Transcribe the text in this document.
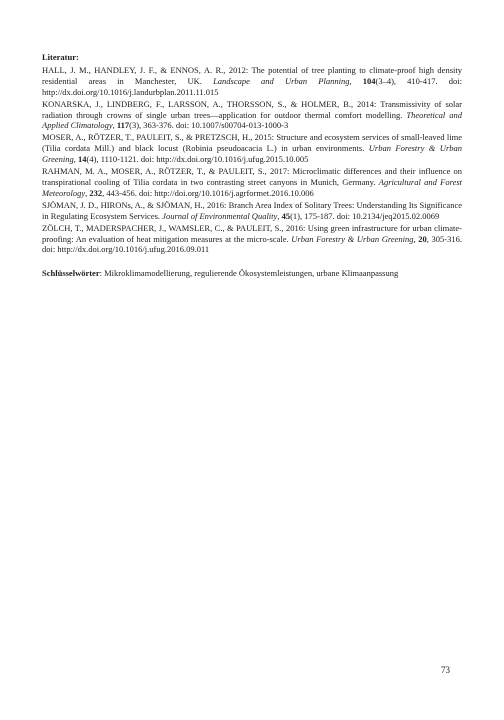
Literatur:
HALL, J. M., HANDLEY, J. F., & ENNOS, A. R., 2012: The potential of tree planting to climate-proof high density residential areas in Manchester, UK. Landscape and Urban Planning, 104(3–4), 410-417. doi: http://dx.doi.org/10.1016/j.landurbplan.2011.11.015
KONARSKA, J., LINDBERG, F., LARSSON, A., THORSSON, S., & HOLMER, B., 2014: Transmissivity of solar radiation through crowns of single urban trees—application for outdoor thermal comfort modelling. Theoretical and Applied Climatology, 117(3), 363-376. doi: 10.1007/s00704-013-1000-3
MOSER, A., RÖTZER, T., PAULEIT, S., & PRETZSCH, H., 2015: Structure and ecosystem services of small-leaved lime (Tilia cordata Mill.) and black locust (Robinia pseudoacacia L.) in urban environments. Urban Forestry & Urban Greening, 14(4), 1110-1121. doi: http://dx.doi.org/10.1016/j.ufug.2015.10.005
RAHMAN, M. A., MOSER, A., RÖTZER, T., & PAULEIT, S., 2017: Microclimatic differences and their influence on transpirational cooling of Tilia cordata in two contrasting street canyons in Munich, Germany. Agricultural and Forest Meteorology, 232, 443-456. doi: http://doi.org/10.1016/j.agrformet.2016.10.006
SJÖMAN, J. D., HIRONs, A., & SJÖMAN, H., 2016: Branch Area Index of Solitary Trees: Understanding Its Significance in Regulating Ecosystem Services. Journal of Environmental Quality, 45(1), 175-187. doi: 10.2134/jeq2015.02.0069
ZÖLCH, T., MADERSPACHER, J., WAMSLER, C., & PAULEIT, S., 2016: Using green infrastructure for urban climate-proofing: An evaluation of heat mitigation measures at the micro-scale. Urban Forestry & Urban Greening, 20, 305-316. doi: http://dx.doi.org/10.1016/j.ufug.2016.09.011
Schlüsselwörter: Mikroklimamodellierung, regulierende Ökosystemleistungen, urbane Klimaanpassung
73
